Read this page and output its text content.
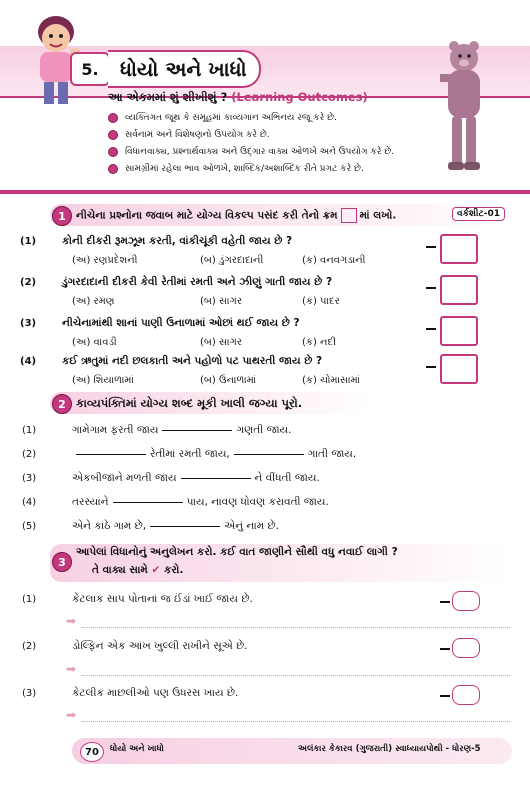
5.	ધોયો અને ખાધો
આ એકમમાં શું શીખીશું ? (Learning Outcomes)
વ્યક્તિગત જૂથ કે સમૂહમાં કાવ્યગાન અભિનય રજૂ કરે છે.
સર્વનામ અને વિશેષણનો ઉપયોગ કરે છે.
વિધાનવાક્ય, પ્રશ્નાર્થવાક્ય અને ઉદ્ગાર વાક્ય ઓળખે અને ઉપયોગ કરે છે.
સામગ્રીમાં રહેલા ભાવ ઓળખે, શાબ્દિક/અશાબ્દિક રીતે પ્રગટ કરે છે.
1 નીચેના પ્રશ્નોના જવાબ માટે યોગ્ય વિકલ્પ પસંદ કરી તેનો ક્રમ માં લખો.	વર્કશીટ-01
(1)	કોની દીકરી રૂમઝૂમ કરતી, વાંકીચૂંકી વહેતી જાય છે ?
(અ) રણપ્રદેશની	(બ) ડુંગરદાદાની	(ક) વનવગડાની
(2)	ડુંગરદાદાની દીકરી કેવી રેતીમાં રમતી અને ઝીણું ગાતી જાય છે ?
(અ) રમણ	(બ) સાગર	(ક) પાદર
(3)	નીચેનામાંથી શાનાં પાણી ઉનાળામાં ઓછાં થઈ જાય છે ?
(અ) વાવડી	(બ) સાગર	(ક) નદી
(4)	કઈ ઋતુમાં નદી છલકાતી અને પહોળો પટ પાથરતી જાય છે ?
(અ) શિયાળામાં	(બ) ઉનાળામાં	(ક) ચોમાસામાં
2 કાવ્યપંક્તિમાં યોગ્ય શબ્દ મૂકી ખાલી જગ્યા પૂરો.
(1)	ગામેગામ ફરતી જાય	ગણતી જાય.
(2)	રેતીમાં રમતી જાય,	ગાતી જાય.
(3)	એકબીજાને મળતી જાય	ને વીંધતી જાય.
(4)	તરસ્યાંને	પાય, નાવણ ધોવણ કરાવતી જાય.
(5)	એને કાંઠે ગામ છે,	એનું નામ છે.
3
આપેલાં વિધાનોનું અનુલેખન કરો. કઈ વાત જાણીને સૌથી વધુ નવાઈ લાગી ?
તે વાક્ય સામે ✔ કરો.
(1)	કેટલાક સાપ પોતાનાં જ ઈંડાં ખાઈ જાય છે.
➡
(2)	ડોલ્ફિન એક આંખ ખુલ્લી રાખીને સૂએ છે.
➡
(3)	કેટલીક માછલીઓ પણ ઉધરસ ખાય છે.
➡
70	ધોયો અને ખાધો	અલંકાર કેકારવ (ગુજરાતી) સ્વાધ્યાયપોથી - ધોરણ-5
